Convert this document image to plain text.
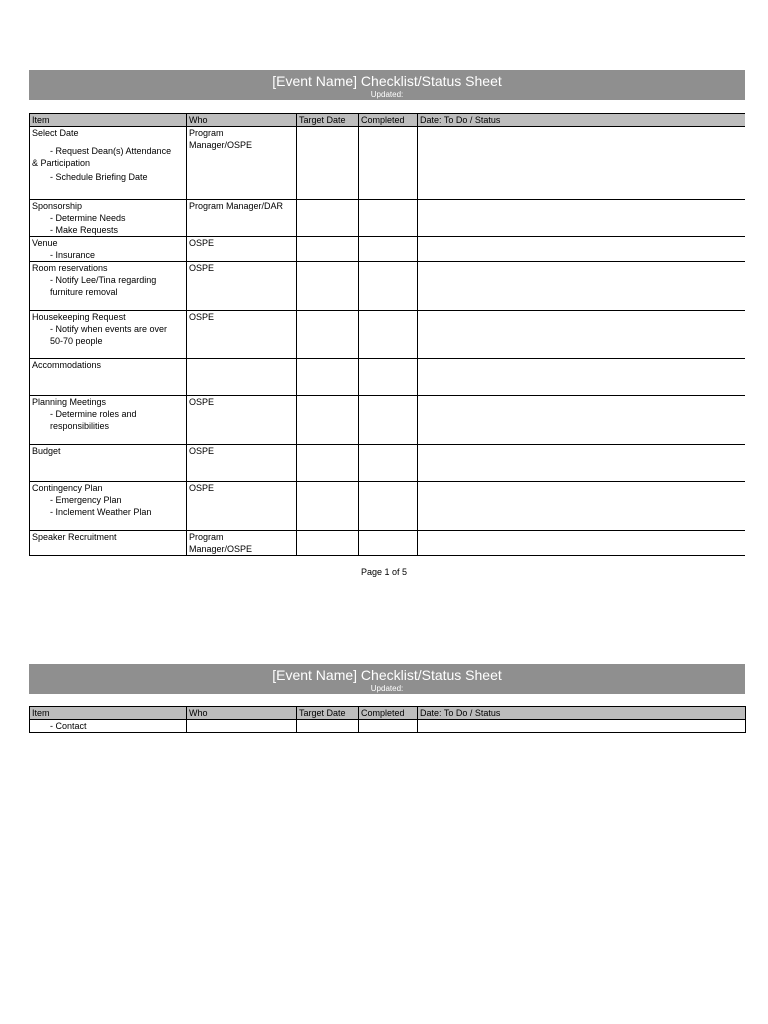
[Event Name] Checklist/Status Sheet
Updated:
Item	Who	Target Date	Completed	Date: To Do / Status

Select Date
- Request Dean(s) Attendance
& Participation
- Schedule Briefing Date	Program
Manager/OSPE			

Sponsorship
- Determine Needs
- Make Requests	Program Manager/DAR			

Venue
- Insurance	OSPE			

Room reservations
- Notify Lee/Tina regarding
furniture removal	OSPE			

Housekeeping Request
- Notify when events are over
50-70 people	OSPE			

Accommodations				

Planning Meetings
- Determine roles and
responsibilities	OSPE			

Budget	OSPE			

Contingency Plan
- Emergency Plan
- Inclement Weather Plan	OSPE			

Speaker Recruitment	Program
Manager/OSPE			

Page 1 of 5
[Event Name] Checklist/Status Sheet
Updated:
Item	Who	Target Date	Completed	Date: To Do / Status

- Contact				
